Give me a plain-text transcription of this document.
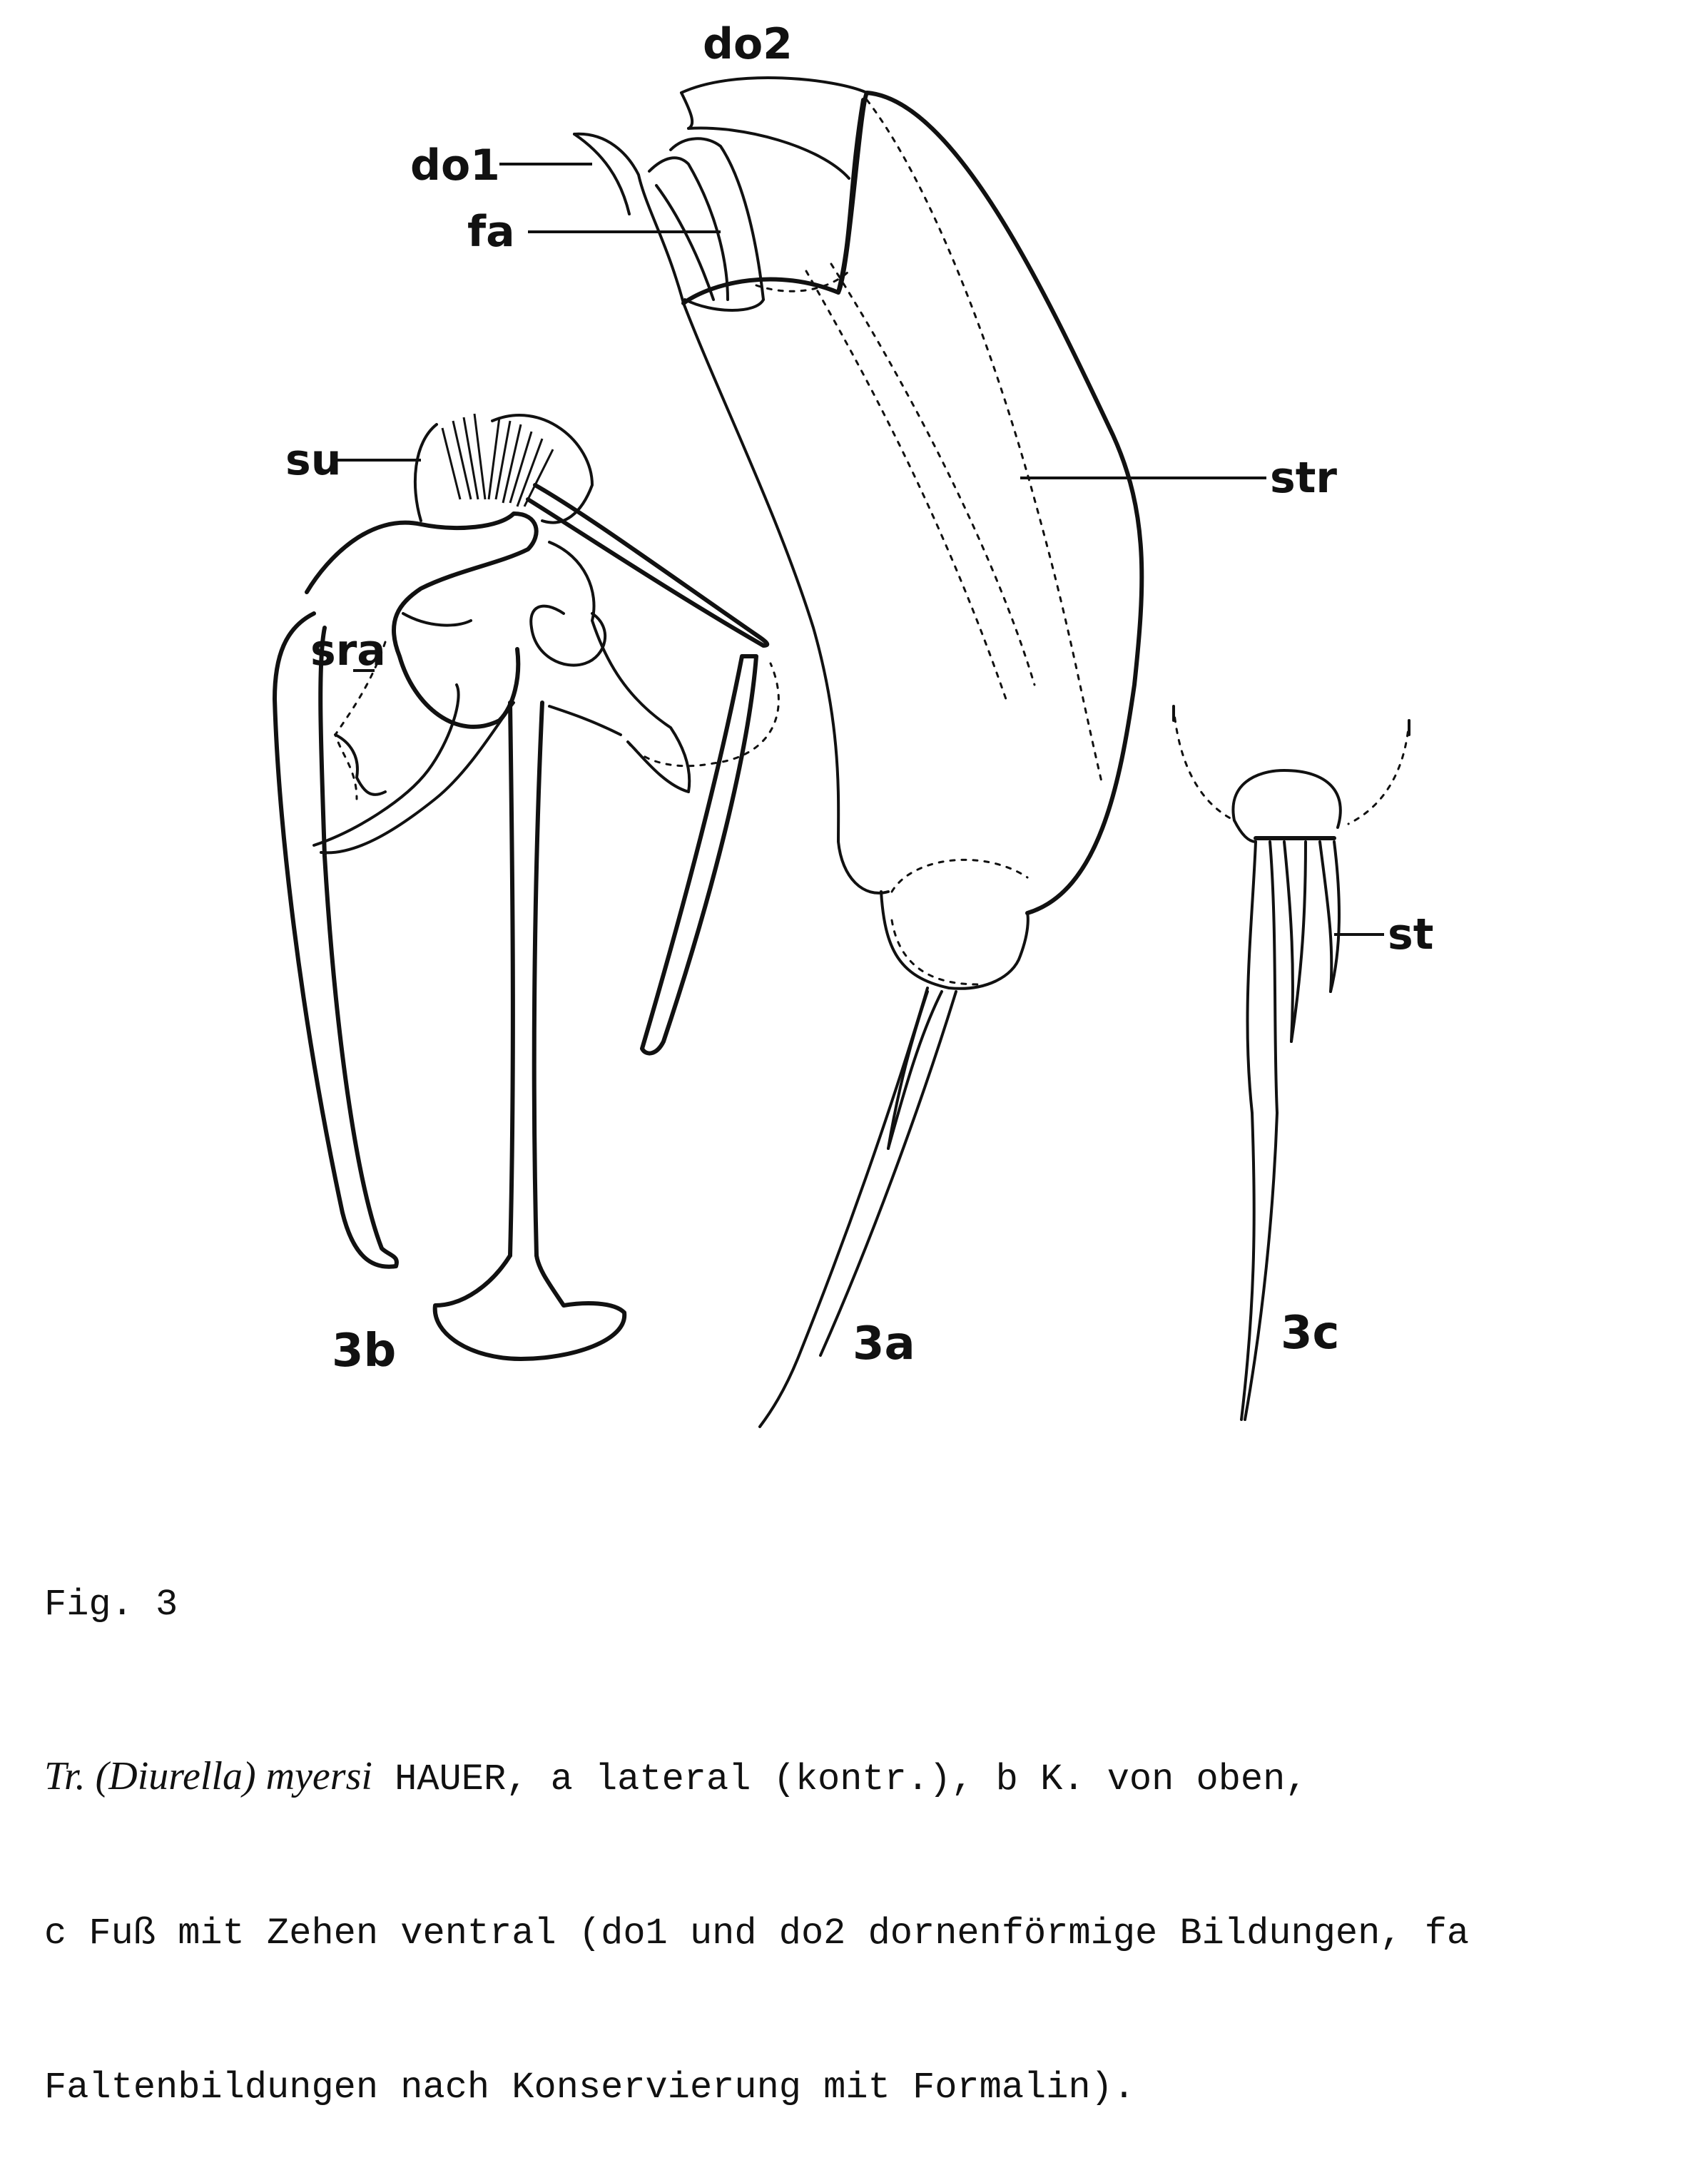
do2
do1
fa
su
sra
str
st
3b	3a	3c

Fig. 3

Tr. (Diurella) myersi HAUER, a lateral (kontr.), b K. von oben,

c Fuß mit Zehen ventral (do1 und do2 dornenförmige Bildungen, fa

Faltenbildungen nach Konservierung mit Formalin).
